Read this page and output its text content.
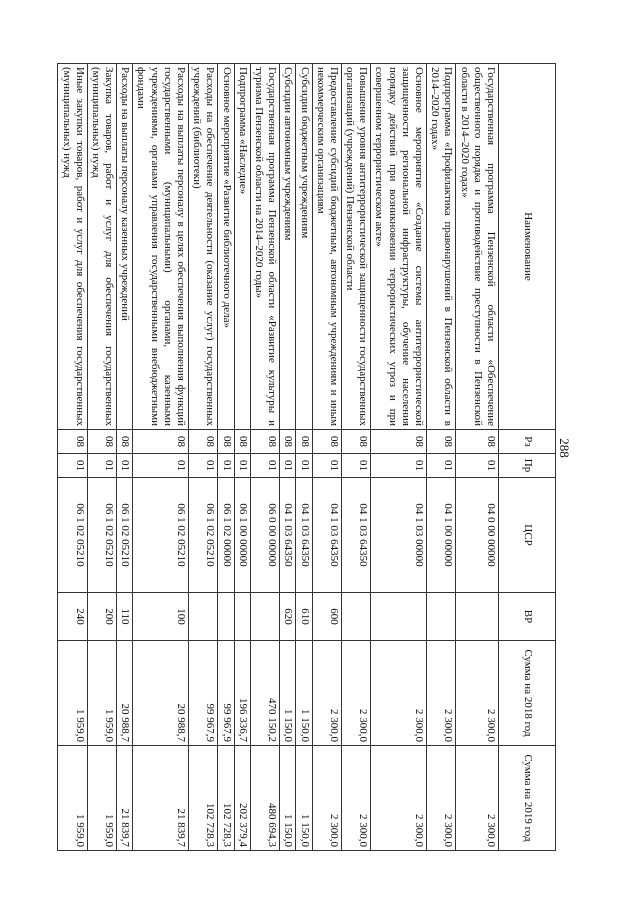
288
Наименование	Рз	Пр	ЦСР	ВР	Сумма на 2018 год	Сумма на 2019 год
Государственная программа Пензенской области «Обеспечение общественного порядка и противодействие преступности в Пензенской области в 2014–2020 годах»	08	01	04 0 00 00000		2 300,0	2 300,0
Подпрограмма «Профилактика правонарушений в Пензенской области в 2014–2020 годах»	08	01	04 1 00 00000		2 300,0	2 300,0
Основное мероприятие «Создание системы антитеррористической защищенности региональной инфраструктуры, обучение населения порядку действий при возникновении террористических угроз и при совершенном террористическом акте»	08	01	04 1 03 00000		2 300,0	2 300,0
Повышение уровня антитеррористической защищенности государственных организаций (учреждений) Пензенской области	08	01	04 1 03 64350		2 300,0	2 300,0
Предоставление субсидий бюджетным, автономным учреждениям и иным некоммерческим организациям	08	01	04 1 03 64350	600	2 300,0	2 300,0
Субсидии бюджетным учреждениям	08	01	04 1 03 64350	610	1 150,0	1 150,0
Субсидии автономным учреждениям	08	01	04 1 03 64350	620	1 150,0	1 150,0
Государственная программа Пензенской области «Развитие культуры и туризма Пензенской области на 2014–2020 годы»	08	01	06 0 00 00000		470 150,2	480 694,3
Подпрограмма «Наследие»	08	01	06 1 00 00000		196 336,7	202 379,4
Основное мероприятие «Развитие библиотечного дела»	08	01	06 1 02 00000		99 967,9	102 728,3
Расходы на обеспечение деятельности (оказание услуг) государственных учреждений (библиотеки)	08	01	06 1 02 05210		99 967,9	102 728,3
Расходы на выплаты персоналу в целях обеспечения выполнения функций государственными (муниципальными) органами, казенными учреждениями, органами управления государственными внебюджетными фондами	08	01	06 1 02 05210	100	20 988,7	21 839,7
Расходы на выплаты персоналу казенных учреждений	08	01	06 1 02 05210	110	20 988,7	21 839,7
Закупка товаров, работ и услуг для обеспечения государственных (муниципальных) нужд	08	01	06 1 02 05210	200	1 959,0	1 959,0
Иные закупки товаров, работ и услуг для обеспечения государственных (муниципальных) нужд	08	01	06 1 02 05210	240	1 959,0	1 959,0
